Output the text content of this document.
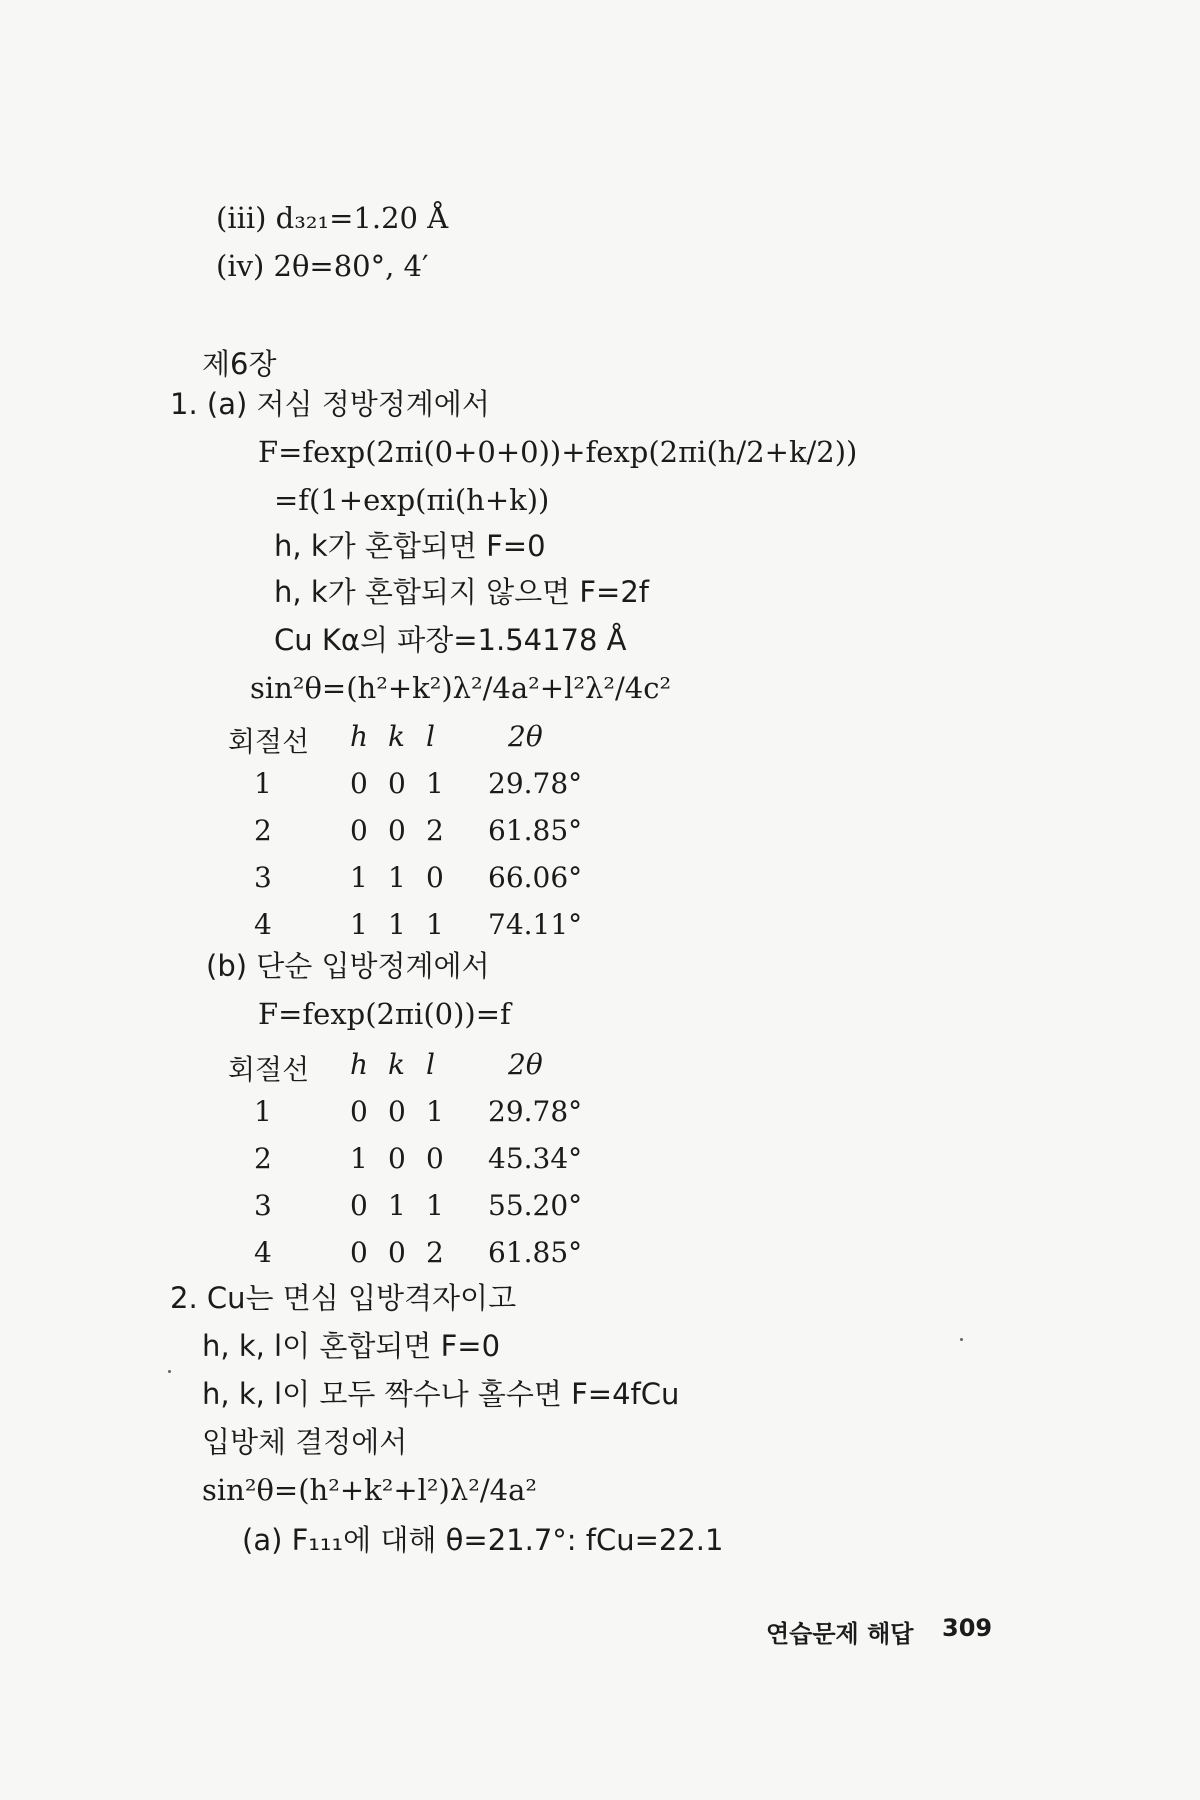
(iii) d₃₂₁=1.20 Å
(iv) 2θ=80°, 4′
제6장
1. (a) 저심 정방정계에서
F=fexp(2πi(0+0+0))+fexp(2πi(h/2+k/2))
=f(1+exp(πi(h+k))
h, k가 혼합되면 F=0
h, k가 혼합되지 않으면 F=2f
Cu Kα의 파장=1.54178 Å
sin²θ=(h²+k²)λ²/4a²+l²λ²/4c²
회절선 h k l	2θ
1	0 0 1 29.78°
2	0 0 2 61.85°
3	1 1 0 66.06°
4	1 1 1 74.11°
(b) 단순 입방정계에서
F=fexp(2πi(0))=f
회절선 h k l	2θ
1	0 0 1 29.78°
2	1 0 0 45.34°
3	0 1 1 55.20°
4	0 0 2 61.85°
2. Cu는 면심 입방격자이고
h, k, l이 혼합되면 F=0
h, k, l이 모두 짝수나 홀수면 F=4fCu
입방체 결정에서
sin²θ=(h²+k²+l²)λ²/4a²
(a) F₁₁₁에 대해 θ=21.7°: fCu=22.1
연습문제 해답 309
